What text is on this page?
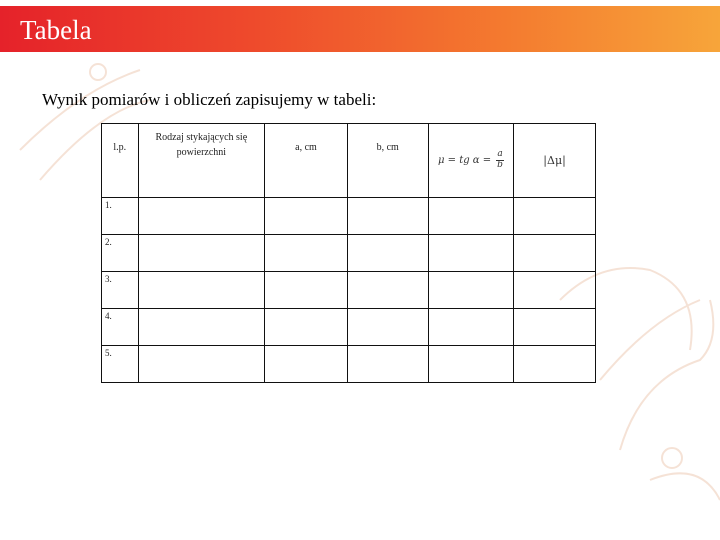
Tabela
Wynik pomiarów i obliczeń zapisujemy w tabeli:
l.p.	Rodzaj stykających się powierzchni	a, cm	b, cm	μ = tg $\alpha = \frac{a}{b}$	|Δμ|
1.					
2.					
3.					
4.					
5.					
